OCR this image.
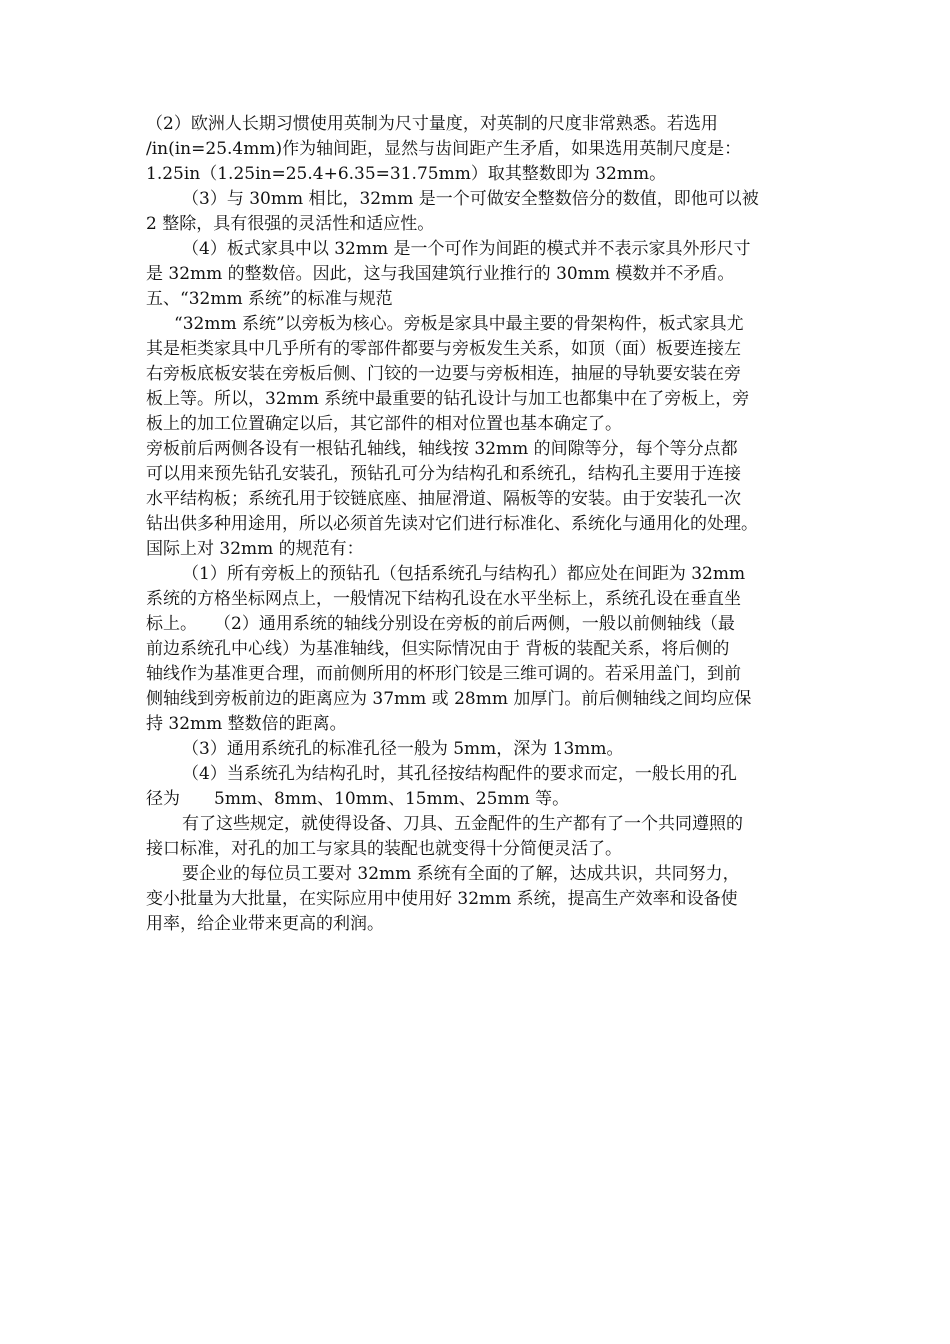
（2）欧洲人长期习惯使用英制为尺寸量度，对英制的尺度非常熟悉。若选用
/in(in=25.4mm)作为轴间距，显然与齿间距产生矛盾，如果选用英制尺度是：
1.25in（1.25in=25.4+6.35=31.75mm）取其整数即为 32mm。
（3）与 30mm 相比，32mm 是一个可做安全整数倍分的数值，即他可以被
2 整除，具有很强的灵活性和适应性。
（4）板式家具中以 32mm 是一个可作为间距的模式并不表示家具外形尺寸
是 32mm 的整数倍。因此，这与我国建筑行业推行的 30mm 模数并不矛盾。
五、“32mm 系统”的标准与规范
“32mm 系统”以旁板为核心。旁板是家具中最主要的骨架构件，板式家具尤
其是柜类家具中几乎所有的零部件都要与旁板发生关系，如顶（面）板要连接左
右旁板底板安装在旁板后侧、门铰的一边要与旁板相连，抽屉的导轨要安装在旁
板上等。所以，32mm 系统中最重要的钻孔设计与加工也都集中在了旁板上，旁
板上的加工位置确定以后，其它部件的相对位置也基本确定了。
旁板前后两侧各设有一根钻孔轴线，轴线按 32mm 的间隙等分，每个等分点都
可以用来预先钻孔安装孔，预钻孔可分为结构孔和系统孔，结构孔主要用于连接
水平结构板；系统孔用于铰链底座、抽屉滑道、隔板等的安装。由于安装孔一次
钻出供多种用途用，所以必须首先读对它们进行标准化、系统化与通用化的处理。
国际上对 32mm 的规范有：
（1）所有旁板上的预钻孔（包括系统孔与结构孔）都应处在间距为 32mm
系统的方格坐标网点上，一般情况下结构孔设在水平坐标上，系统孔设在垂直坐
标上。　　（2）通用系统的轴线分别设在旁板的前后两侧，一般以前侧轴线（最
前边系统孔中心线）为基准轴线，但实际情况由于 背板的装配关系，将后侧的
轴线作为基准更合理，而前侧所用的杯形门铰是三维可调的。若采用盖门，到前
侧轴线到旁板前边的距离应为 37mm 或 28mm 加厚门。前后侧轴线之间均应保
持 32mm 整数倍的距离。
（3）通用系统孔的标准孔径一般为 5mm，深为 13mm。
（4）当系统孔为结构孔时，其孔径按结构配件的要求而定，一般长用的孔
径为　　5mm、8mm、10mm、15mm、25mm 等。
有了这些规定，就使得设备、刀具、五金配件的生产都有了一个共同遵照的
接口标准，对孔的加工与家具的装配也就变得十分简便灵活了。
要企业的每位员工要对 32mm 系统有全面的了解，达成共识，共同努力，
变小批量为大批量，在实际应用中使用好 32mm 系统，提高生产效率和设备使
用率，给企业带来更高的利润。
